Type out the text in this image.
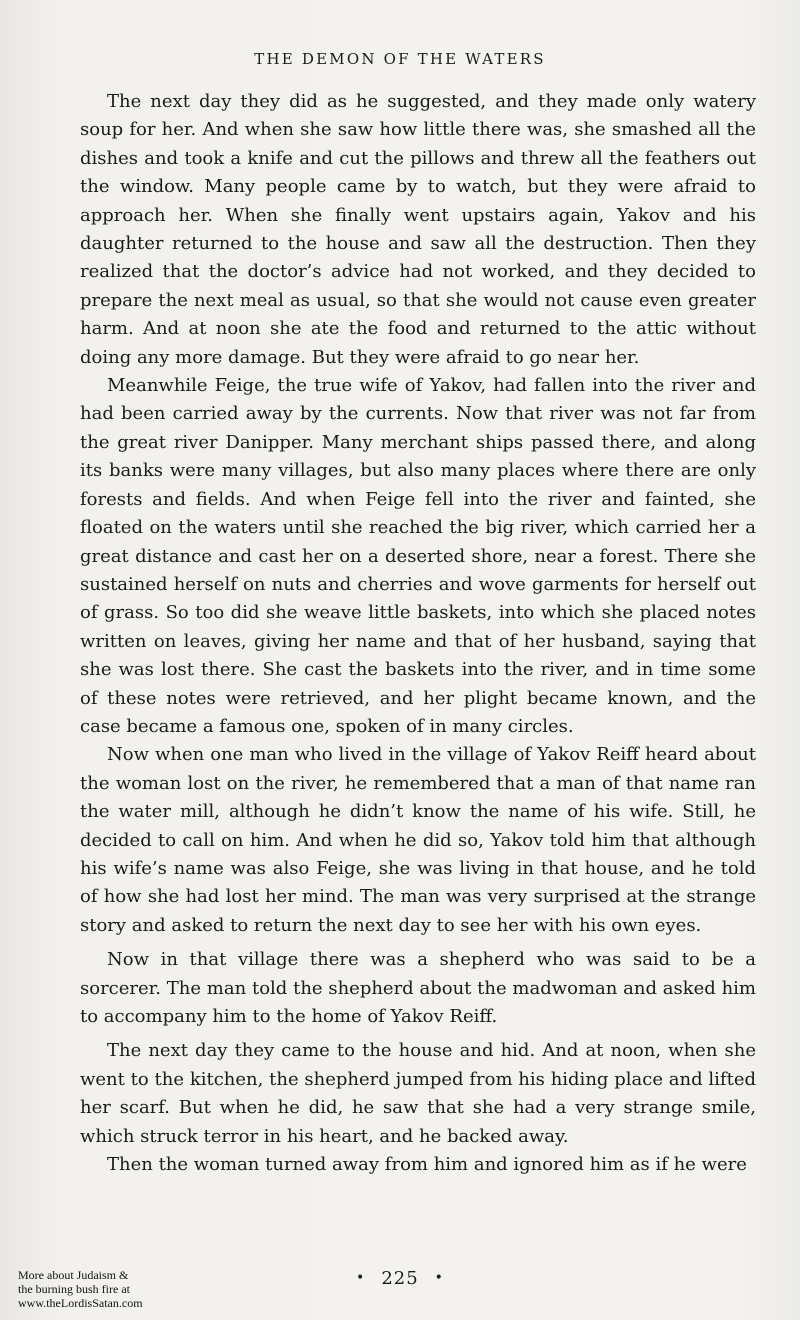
THE DEMON OF THE WATERS

The next day they did as he suggested, and they made only watery soup for her. And when she saw how little there was, she smashed all the dishes and took a knife and cut the pillows and threw all the feathers out the window. Many people came by to watch, but they were afraid to approach her. When she finally went upstairs again, Yakov and his daughter returned to the house and saw all the destruction. Then they realized that the doctor’s advice had not worked, and they decided to prepare the next meal as usual, so that she would not cause even greater harm. And at noon she ate the food and returned to the attic without doing any more damage. But they were afraid to go near her.

Meanwhile Feige, the true wife of Yakov, had fallen into the river and had been carried away by the currents. Now that river was not far from the great river Danipper. Many merchant ships passed there, and along its banks were many villages, but also many places where there are only forests and fields. And when Feige fell into the river and fainted, she floated on the waters until she reached the big river, which carried her a great distance and cast her on a deserted shore, near a forest. There she sustained herself on nuts and cherries and wove garments for herself out of grass. So too did she weave little baskets, into which she placed notes written on leaves, giving her name and that of her husband, saying that she was lost there. She cast the baskets into the river, and in time some of these notes were retrieved, and her plight became known, and the case became a famous one, spoken of in many circles.

Now when one man who lived in the village of Yakov Reiff heard about the woman lost on the river, he remembered that a man of that name ran the water mill, although he didn’t know the name of his wife. Still, he decided to call on him. And when he did so, Yakov told him that although his wife’s name was also Feige, she was living in that house, and he told of how she had lost her mind. The man was very surprised at the strange story and asked to return the next day to see her with his own eyes.

Now in that village there was a shepherd who was said to be a sorcerer. The man told the shepherd about the madwoman and asked him to accompany him to the home of Yakov Reiff.

The next day they came to the house and hid. And at noon, when she went to the kitchen, the shepherd jumped from his hiding place and lifted her scarf. But when he did, he saw that she had a very strange smile, which struck terror in his heart, and he backed away.

Then the woman turned away from him and ignored him as if he were

• 225 •
More about Judaism &
the burning bush fire at
www.theLordisSatan.com
